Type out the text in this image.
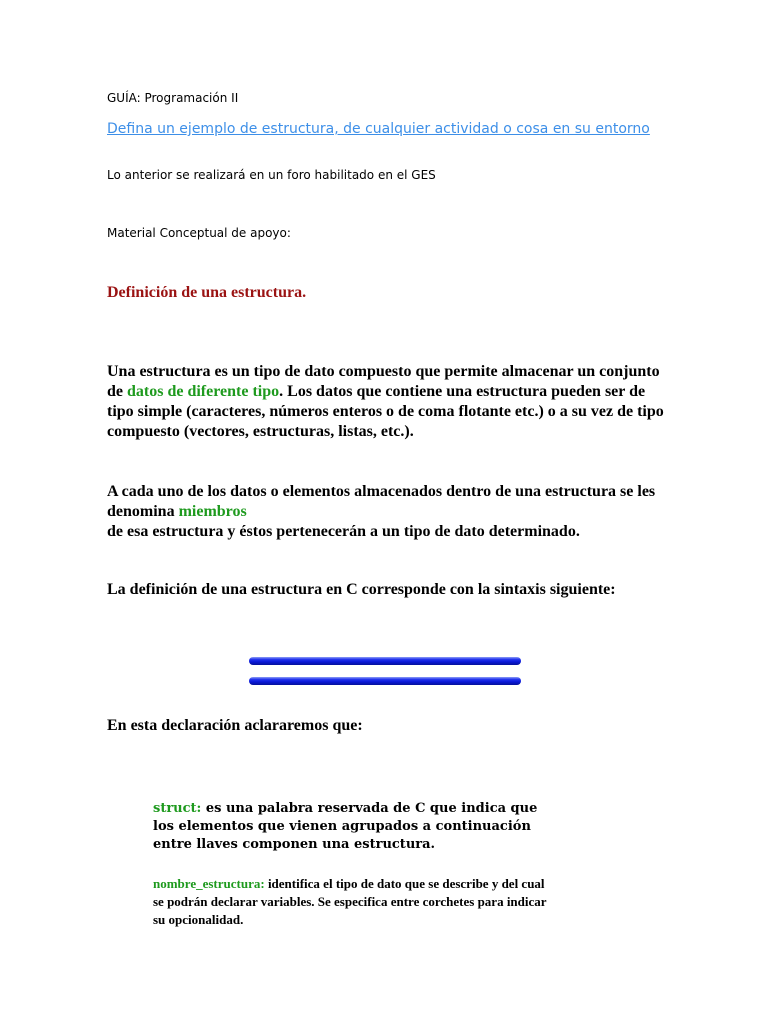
GUÍA: Programación II
Defina un ejemplo de estructura, de cualquier actividad o cosa en su entorno
Lo anterior se realizará en un foro habilitado en el GES
Material Conceptual de apoyo:
Definición de una estructura.
Una estructura es un tipo de dato compuesto que permite almacenar un conjunto de datos de diferente tipo. Los datos que contiene una estructura pueden ser de tipo simple (caracteres, números enteros o de coma flotante etc.) o a su vez de tipo compuesto (vectores, estructuras, listas, etc.).
A cada uno de los datos o elementos almacenados dentro de una estructura se les denomina miembros
de esa estructura y éstos pertenecerán a un tipo de dato determinado.
La definición de una estructura en C corresponde con la sintaxis siguiente:
En esta declaración aclararemos que:
struct: es una palabra reservada de C que indica que los elementos que vienen agrupados a continuación entre llaves componen una estructura.
nombre_estructura: identifica el tipo de dato que se describe y del cual se podrán declarar variables. Se especifica entre corchetes para indicar su opcionalidad.
